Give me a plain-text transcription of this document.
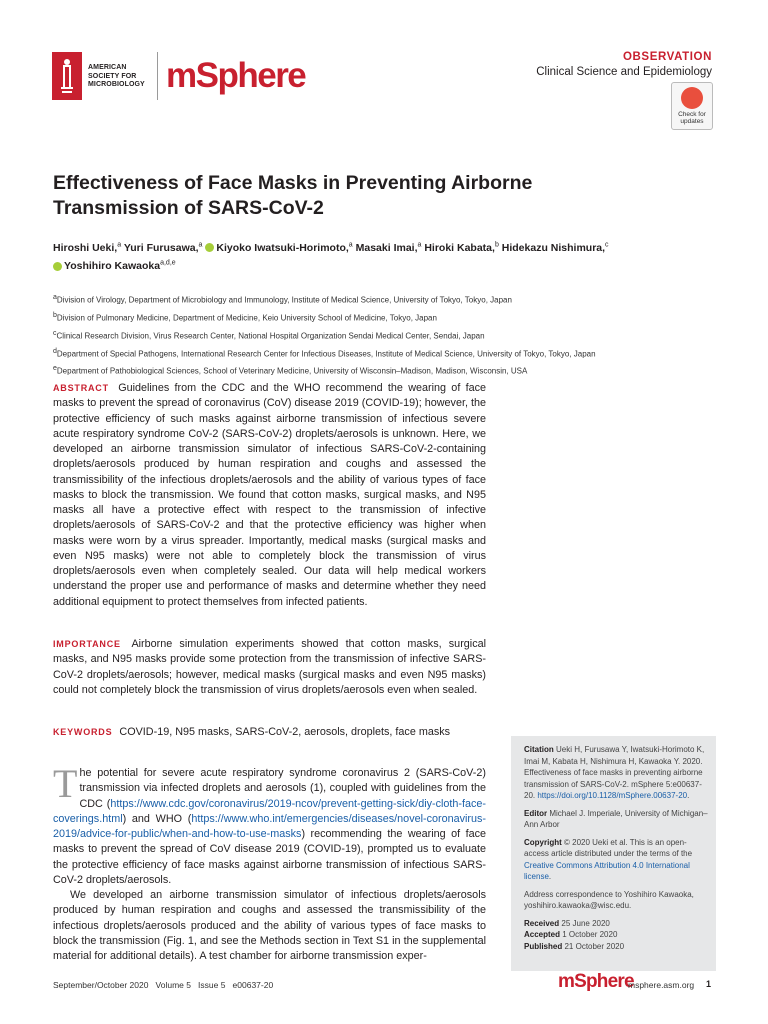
AMERICAN
SOCIETY FOR
MICROBIOLOGY mSphere	OBSERVATION
Clinical Science and Epidemiology
Check for
updates
Effectiveness of Face Masks in Preventing Airborne Transmission of SARS-CoV-2
Hiroshi Ueki,$^a$ Yuri Furusawa,$^a$ Kiyoko Iwatsuki-Horimoto,$^a$ Masaki Imai,$^a$ Hiroki Kabata,$^b$ Hidekazu Nishimura,$^c$
Yoshihiro Kawaoka$^{a,d,e}$
$^a$Division of Virology, Department of Microbiology and Immunology, Institute of Medical Science, University of Tokyo, Tokyo, Japan
$^b$Division of Pulmonary Medicine, Department of Medicine, Keio University School of Medicine, Tokyo, Japan
$^c$Clinical Research Division, Virus Research Center, National Hospital Organization Sendai Medical Center, Sendai, Japan
$^d$Department of Special Pathogens, International Research Center for Infectious Diseases, Institute of Medical Science, University of Tokyo, Tokyo, Japan
$^e$Department of Pathobiological Sciences, School of Veterinary Medicine, University of Wisconsin–Madison, Madison, Wisconsin, USA
ABSTRACT Guidelines from the CDC and the WHO recommend the wearing of face masks to prevent the spread of coronavirus (CoV) disease 2019 (COVID-19); however, the protective efficiency of such masks against airborne transmission of infectious severe acute respiratory syndrome CoV-2 (SARS-CoV-2) droplets/aerosols is unknown. Here, we developed an airborne transmission simulator of infectious SARS-CoV-2-containing droplets/aerosols produced by human respiration and coughs and assessed the transmissibility of the infectious droplets/aerosols and the ability of various types of face masks to block the transmission. We found that cotton masks, surgical masks, and N95 masks all have a protective effect with respect to the transmission of infective droplets/aerosols of SARS-CoV-2 and that the protective efficiency was higher when masks were worn by a virus spreader. Importantly, medical masks (surgical masks and even N95 masks) were not able to completely block the transmission of virus droplets/aerosols even when completely sealed. Our data will help medical workers understand the proper use and performance of masks and determine whether they need additional equipment to protect themselves from infected patients.
IMPORTANCE Airborne simulation experiments showed that cotton masks, surgical masks, and N95 masks provide some protection from the transmission of infective SARS-CoV-2 droplets/aerosols; however, medical masks (surgical masks and even N95 masks) could not completely block the transmission of virus droplets/aerosols even when sealed.
KEYWORDS COVID-19, N95 masks, SARS-CoV-2, aerosols, droplets, face masks

The potential for severe acute respiratory syndrome coronavirus 2 (SARS-CoV-2) transmission via infected droplets and aerosols (1), coupled with guidelines from the CDC (https://www.cdc.gov/coronavirus/2019-ncov/prevent-getting-sick/diy-cloth-face-coverings.html) and WHO (https://www.who.int/emergencies/diseases/novel-coronavirus-2019/advice-for-public/when-and-how-to-use-masks) recommending the wearing of face masks to prevent the spread of CoV disease 2019 (COVID-19), prompted us to evaluate the protective efficiency of face masks against airborne transmission of infectious SARS-CoV-2 droplets/aerosols.

We developed an airborne transmission simulator of infectious droplets/aerosols produced by human respiration and coughs and assessed the transmissibility of the infectious droplets/aerosols produced and the ability of various types of face masks to block the transmission (Fig. 1, and see the Methods section in Text S1 in the supplemental material for additional details). A test chamber for airborne transmission exper-

Citation Ueki H, Furusawa Y, Iwatsuki-Horimoto K, Imai M, Kabata H, Nishimura H, Kawaoka Y. 2020. Effectiveness of face masks in preventing airborne transmission of SARS-CoV-2. mSphere 5:e00637-20. https://doi.org/10.1128/mSphere.00637-20.
Editor Michael J. Imperiale, University of Michigan–Ann Arbor
Copyright © 2020 Ueki et al. This is an open-access article distributed under the terms of the Creative Commons Attribution 4.0 International license.
Address correspondence to Yoshihiro Kawaoka, yoshihiro.kawaoka@wisc.edu.
Received 25 June 2020
Accepted 1 October 2020
Published 21 October 2020
September/October 2020   Volume 5   Issue 5   e00637-20	mSphere
msphere.asm.org 1
